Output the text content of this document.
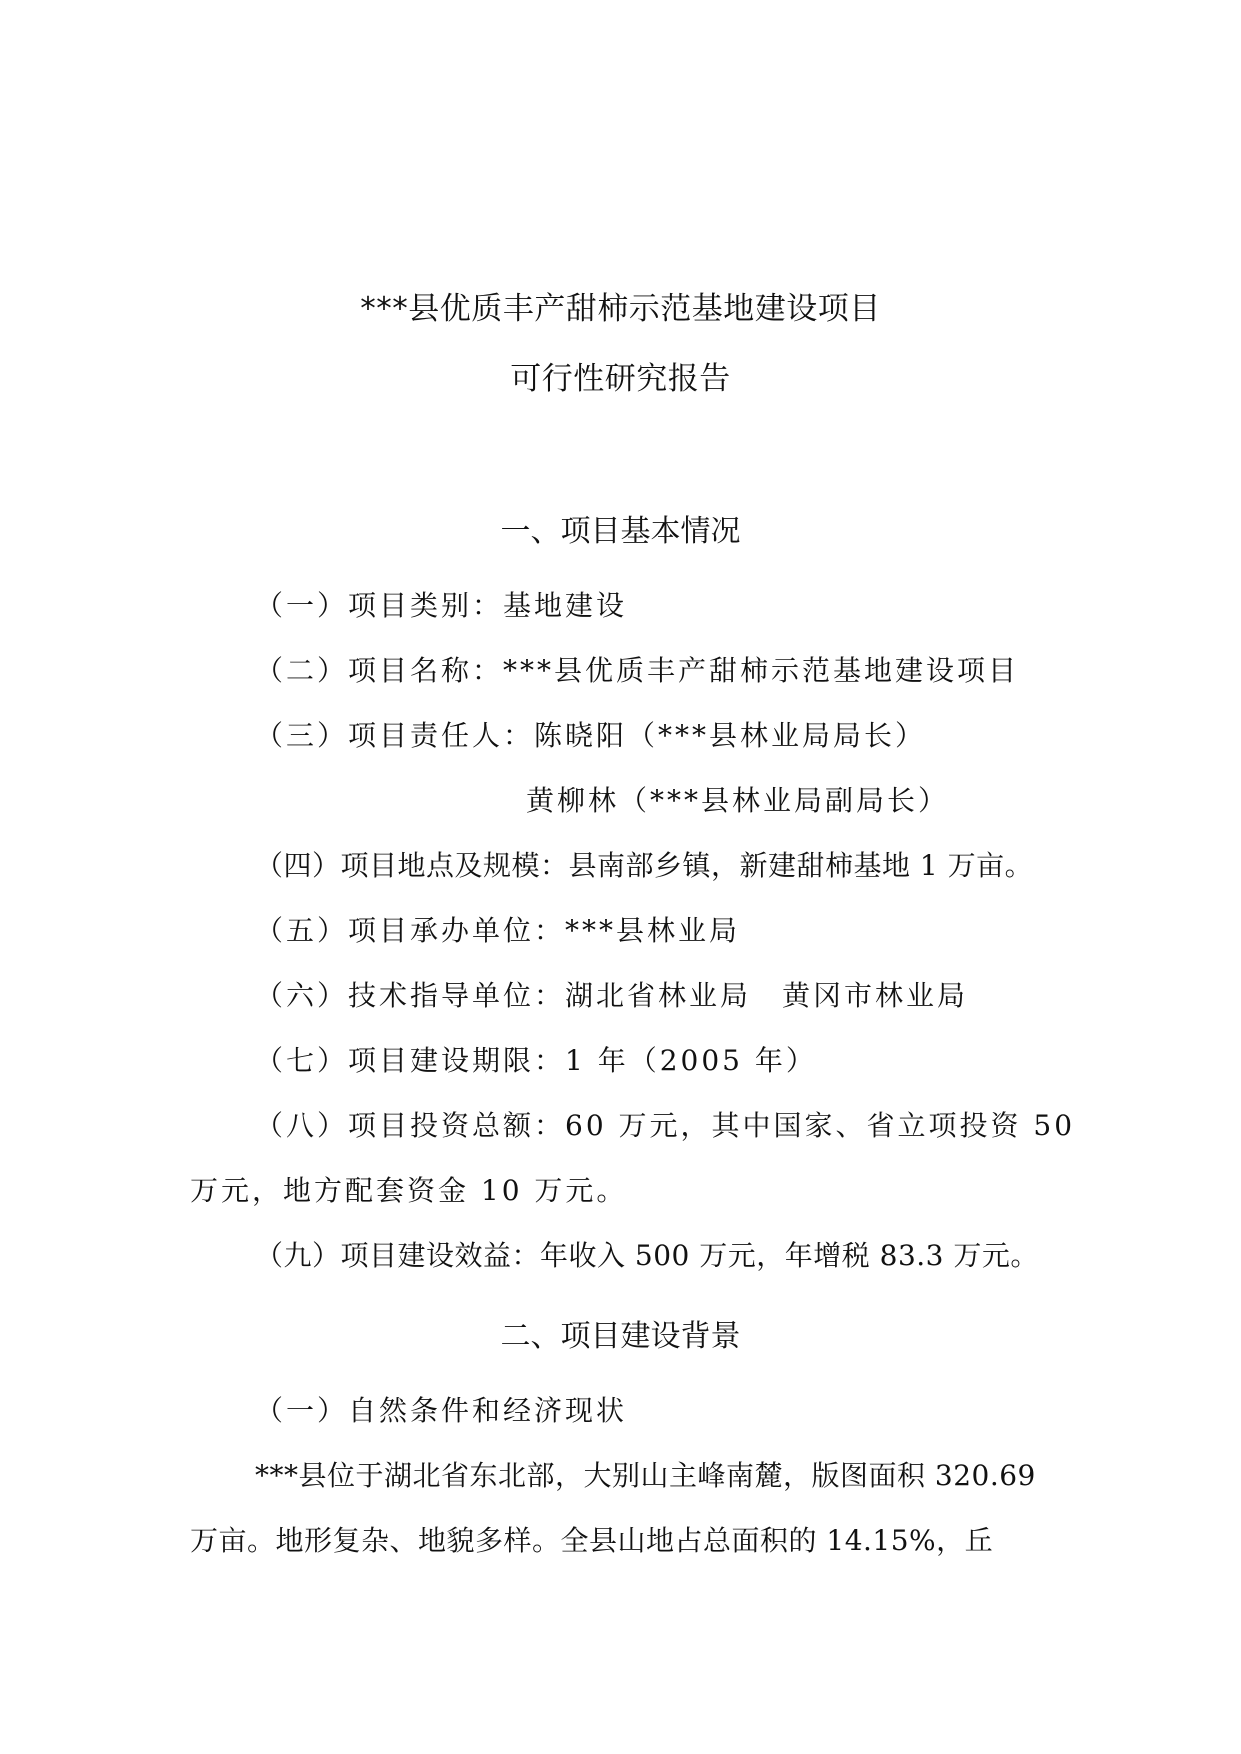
***县优质丰产甜柿示范基地建设项目
可行性研究报告
一、项目基本情况
（一）项目类别：基地建设
（二）项目名称：***县优质丰产甜柿示范基地建设项目
（三）项目责任人：陈晓阳（***县林业局局长）
黄柳林（***县林业局副局长）
（四）项目地点及规模：县南部乡镇，新建甜柿基地 1 万亩。
（五）项目承办单位：***县林业局
（六）技术指导单位：湖北省林业局　黄冈市林业局
（七）项目建设期限：1 年（2005 年）
（八）项目投资总额：60 万元，其中国家、省立项投资 50
万元，地方配套资金 10 万元。
（九）项目建设效益：年收入 500 万元，年增税 83.3 万元。
二、项目建设背景
（一）自然条件和经济现状
***县位于湖北省东北部，大别山主峰南麓，版图面积 320.69
万亩。地形复杂、地貌多样。全县山地占总面积的 14.15%，丘
